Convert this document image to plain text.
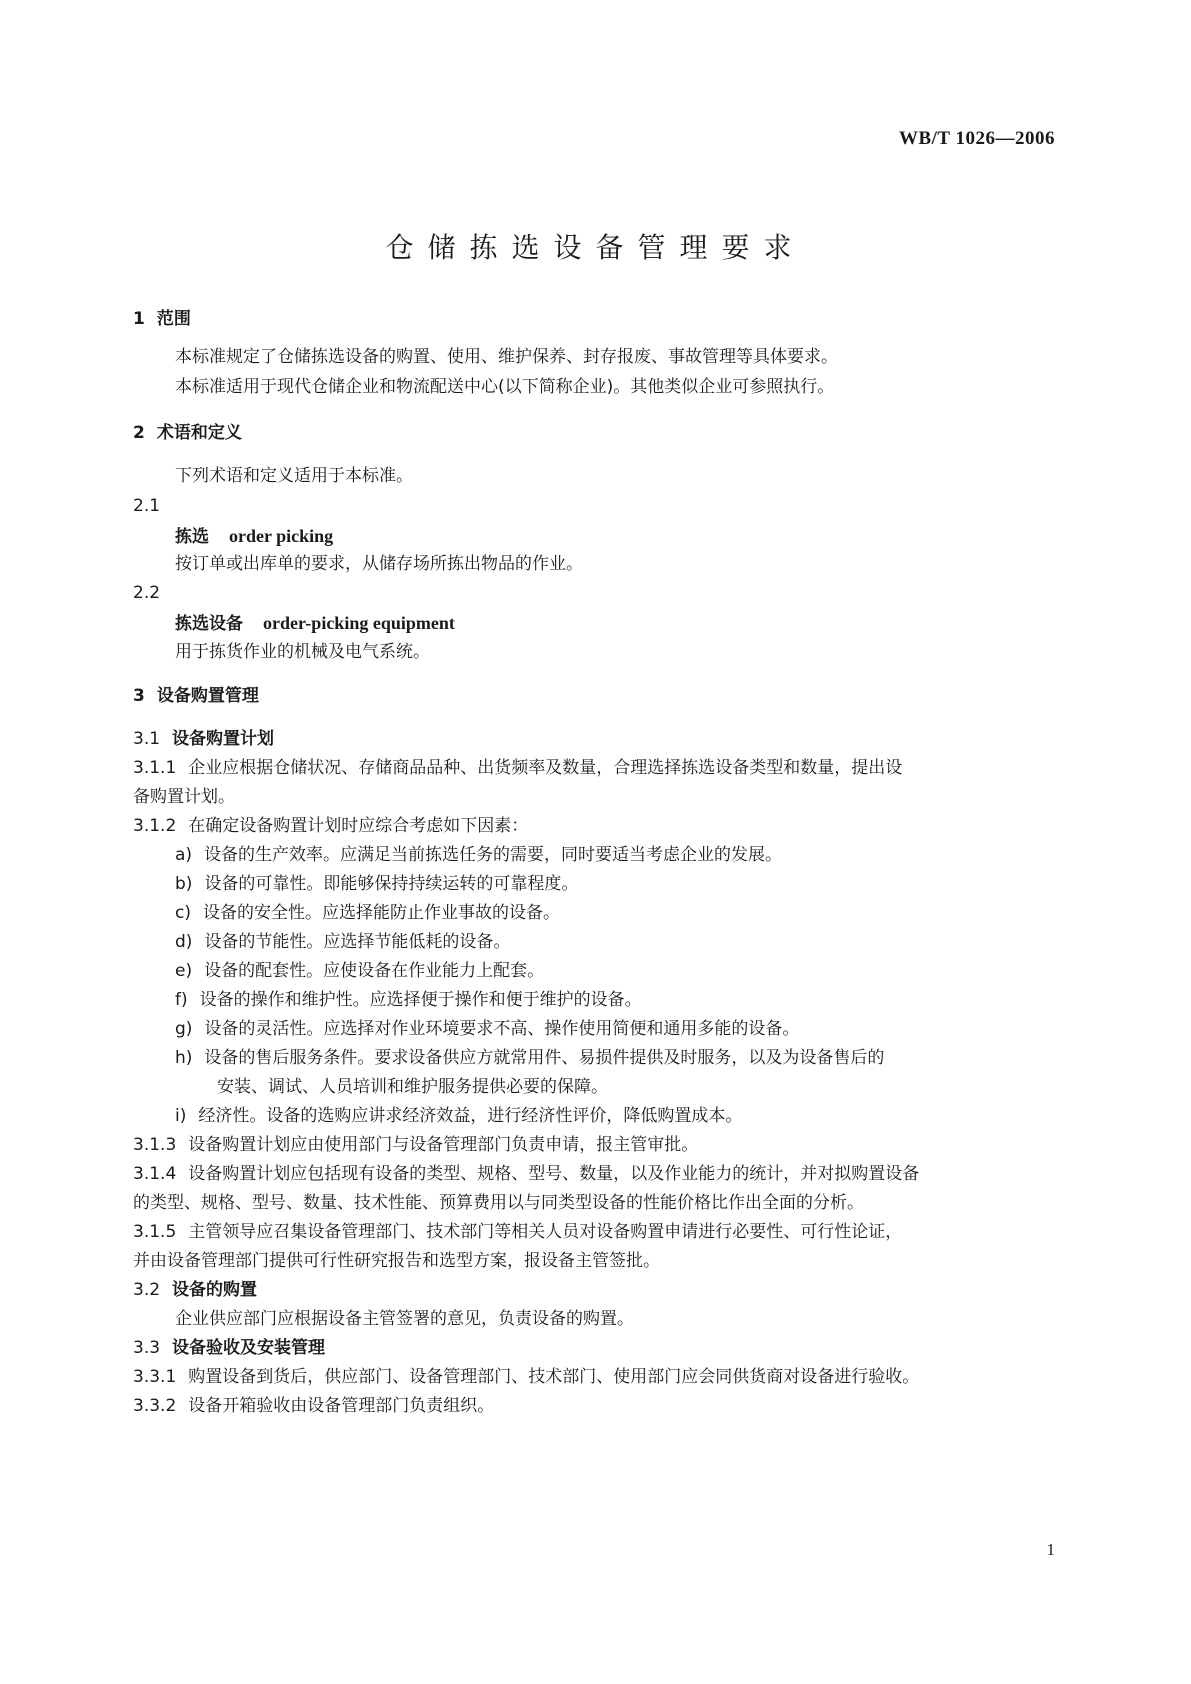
WB/T 1026—2006
仓储拣选设备管理要求
1 范围
本标准规定了仓储拣选设备的购置、使用、维护保养、封存报废、事故管理等具体要求。
本标准适用于现代仓储企业和物流配送中心(以下简称企业)。其他类似企业可参照执行。
2 术语和定义
下列术语和定义适用于本标准。
2.1
拣选 order picking
按订单或出库单的要求，从储存场所拣出物品的作业。
2.2
拣选设备 order-picking equipment
用于拣货作业的机械及电气系统。
3 设备购置管理
3.1 设备购置计划
3.1.1 企业应根据仓储状况、存储商品品种、出货频率及数量，合理选择拣选设备类型和数量，提出设
备购置计划。
3.1.2 在确定设备购置计划时应综合考虑如下因素：
a) 设备的生产效率。应满足当前拣选任务的需要，同时要适当考虑企业的发展。
b) 设备的可靠性。即能够保持持续运转的可靠程度。
c) 设备的安全性。应选择能防止作业事故的设备。
d) 设备的节能性。应选择节能低耗的设备。
e) 设备的配套性。应使设备在作业能力上配套。
f) 设备的操作和维护性。应选择便于操作和便于维护的设备。
g) 设备的灵活性。应选择对作业环境要求不高、操作使用简便和通用多能的设备。
h) 设备的售后服务条件。要求设备供应方就常用件、易损件提供及时服务，以及为设备售后的
安装、调试、人员培训和维护服务提供必要的保障。
i) 经济性。设备的选购应讲求经济效益，进行经济性评价，降低购置成本。
3.1.3 设备购置计划应由使用部门与设备管理部门负责申请，报主管审批。
3.1.4 设备购置计划应包括现有设备的类型、规格、型号、数量，以及作业能力的统计，并对拟购置设备
的类型、规格、型号、数量、技术性能、预算费用以与同类型设备的性能价格比作出全面的分析。
3.1.5 主管领导应召集设备管理部门、技术部门等相关人员对设备购置申请进行必要性、可行性论证，
并由设备管理部门提供可行性研究报告和选型方案，报设备主管签批。
3.2 设备的购置
企业供应部门应根据设备主管签署的意见，负责设备的购置。
3.3 设备验收及安装管理
3.3.1 购置设备到货后，供应部门、设备管理部门、技术部门、使用部门应会同供货商对设备进行验收。
3.3.2 设备开箱验收由设备管理部门负责组织。
1
